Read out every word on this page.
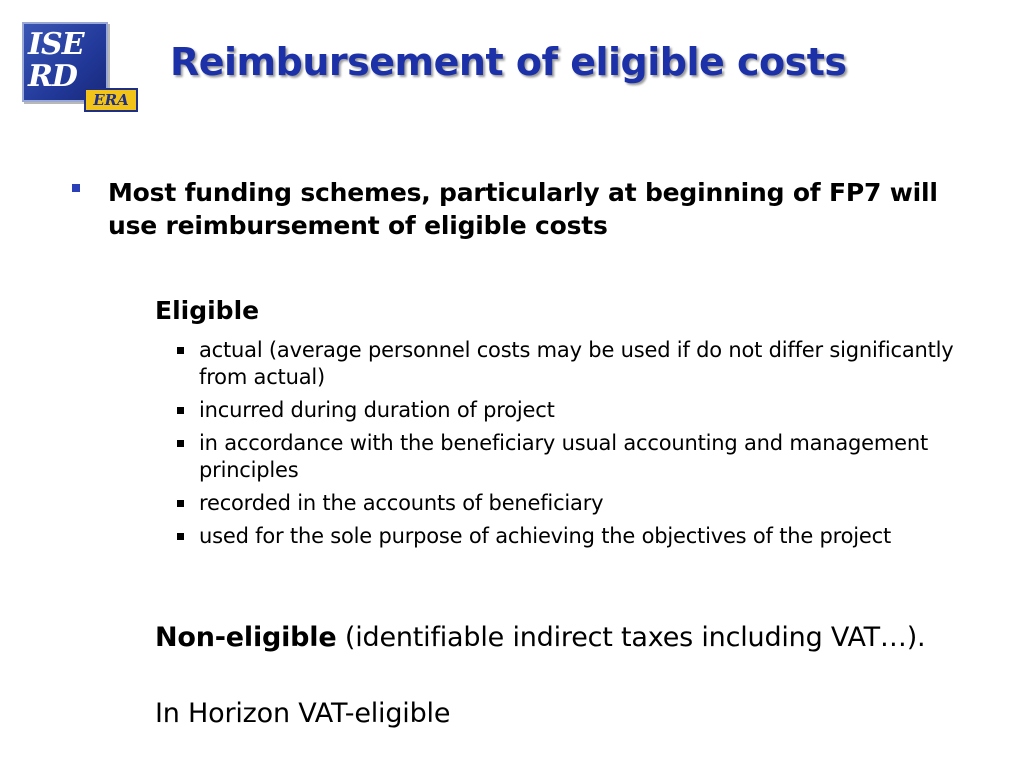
ISE
RD
ERA
Reimbursement of eligible costs

Most funding schemes, particularly at beginning of FP7 will use reimbursement of eligible costs

Eligible
actual (average personnel costs may be used if do not differ significantly from actual)
incurred during duration of project
in accordance with the beneficiary usual accounting and management principles
recorded in the accounts of beneficiary
used for the sole purpose of achieving the objectives of the project

Non-eligible (identifiable indirect taxes including VAT…).

In Horizon VAT-eligible
